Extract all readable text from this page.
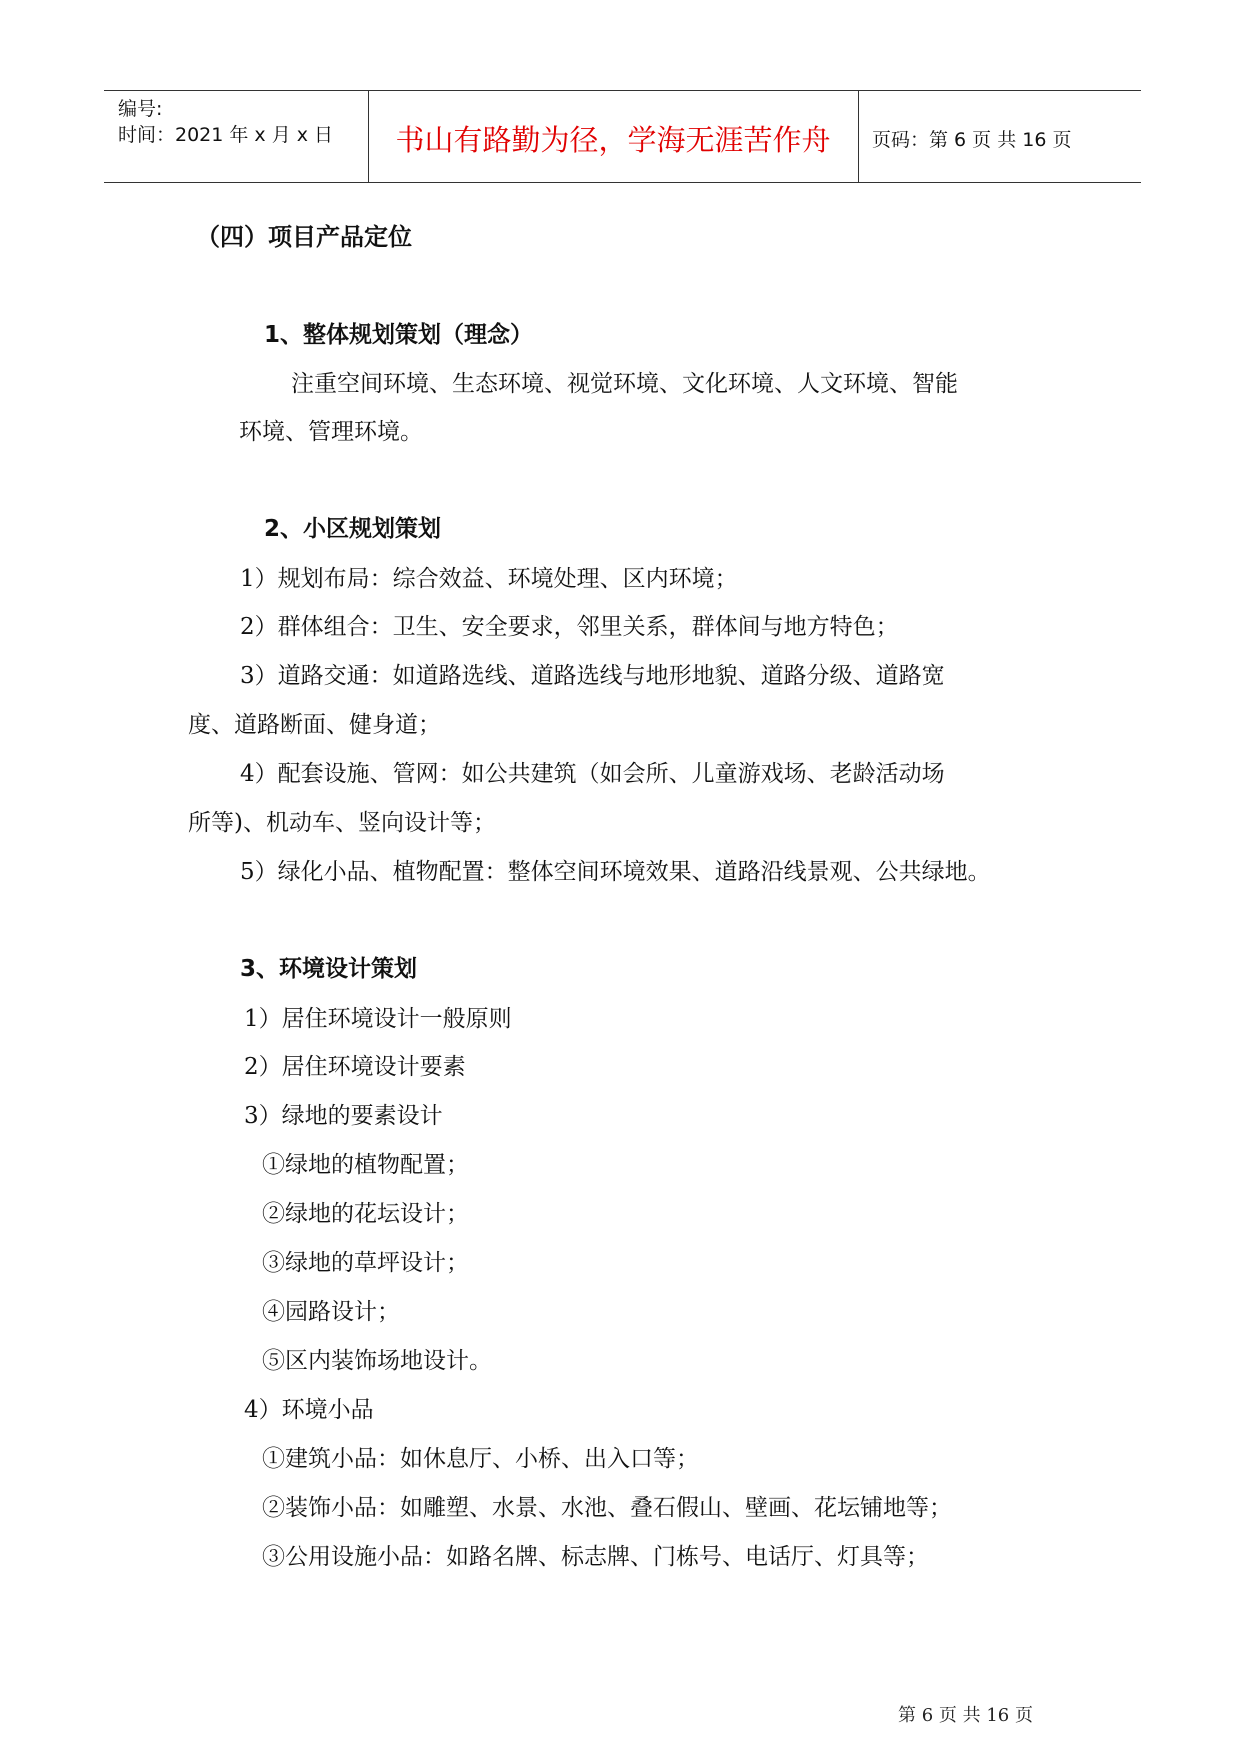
编号:
时间：2021 年 x 月 x 日	书山有路勤为径，学海无涯苦作舟	页码：第 6 页 共 16 页

（四）项目产品定位

1、整体规划策划（理念）

注重空间环境、生态环境、视觉环境、文化环境、人文环境、智能

环境、管理环境。

2、小区规划策划

1）规划布局：综合效益、环境处理、区内环境；

2）群体组合：卫生、安全要求，邻里关系，群体间与地方特色；

3）道路交通：如道路选线、道路选线与地形地貌、道路分级、道路宽

度、道路断面、健身道；

4）配套设施、管网：如公共建筑（如会所、儿童游戏场、老龄活动场

所等)、机动车、竖向设计等；

5）绿化小品、植物配置：整体空间环境效果、道路沿线景观、公共绿地。

3、环境设计策划

1）居住环境设计一般原则

2）居住环境设计要素

3）绿地的要素设计

①绿地的植物配置；

②绿地的花坛设计；

③绿地的草坪设计；

④园路设计；

⑤区内装饰场地设计。

4）环境小品

①建筑小品：如休息厅、小桥、出入口等；

②装饰小品：如雕塑、水景、水池、叠石假山、壁画、花坛铺地等；

③公用设施小品：如路名牌、标志牌、门栋号、电话厅、灯具等；

第 6 页 共 16 页
